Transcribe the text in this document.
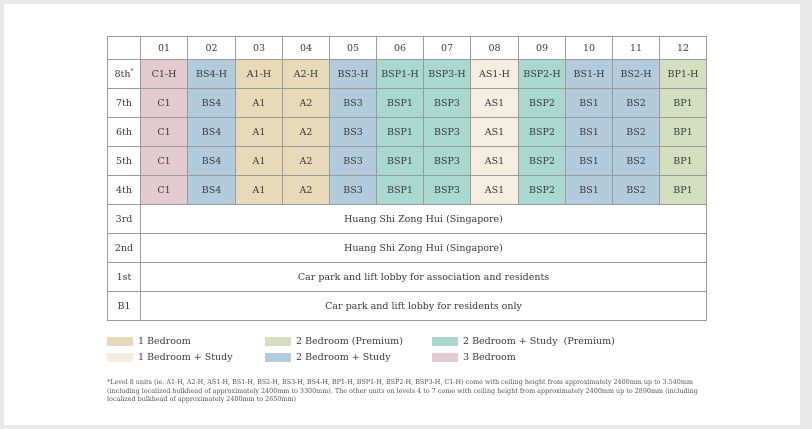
	01	02	03	04	05	06	07	08	09	10	11	12
8th*	C1-H	BS4-H	A1-H	A2-H	BS3-H	BSP1-H	BSP3-H	AS1-H	BSP2-H	BS1-H	BS2-H	BP1-H
7th	C1	BS4	A1	A2	BS3	BSP1	BSP3	AS1	BSP2	BS1	BS2	BP1
6th	C1	BS4	A1	A2	BS3	BSP1	BSP3	AS1	BSP2	BS1	BS2	BP1
5th	C1	BS4	A1	A2	BS3	BSP1	BSP3	AS1	BSP2	BS1	BS2	BP1
4th	C1	BS4	A1	A2	BS3	BSP1	BSP3	AS1	BSP2	BS1	BS2	BP1
3rd	Huang Shi Zong Hui (Singapore)											
2nd	Huang Shi Zong Hui (Singapore)											
1st	Car park and lift lobby for association and residents											
B1	Car park and lift lobby for residents only											
1 Bedroom
1 Bedroom + Study
2 Bedroom (Premium)
2 Bedroom + Study
2 Bedroom + Study  (Premium)
3 Bedroom
*Level 8 units (ie. A1-H, A2-H, AS1-H, BS1-H, BS2-H, BS3-H, BS4-H, BP1-H, BSP1-H, BSP2-H, BSP3-H, C1-H) come with ceiling height from approximately 2400mm up to 3.540mm (including localized bulkhead of approximately 2400mm to 3300mm). The other units on levels 4 to 7 come with ceiling height from approximately 2400mm up to 2890mm (including localized bulkhead of approximately 2400mm to 2650mm)
